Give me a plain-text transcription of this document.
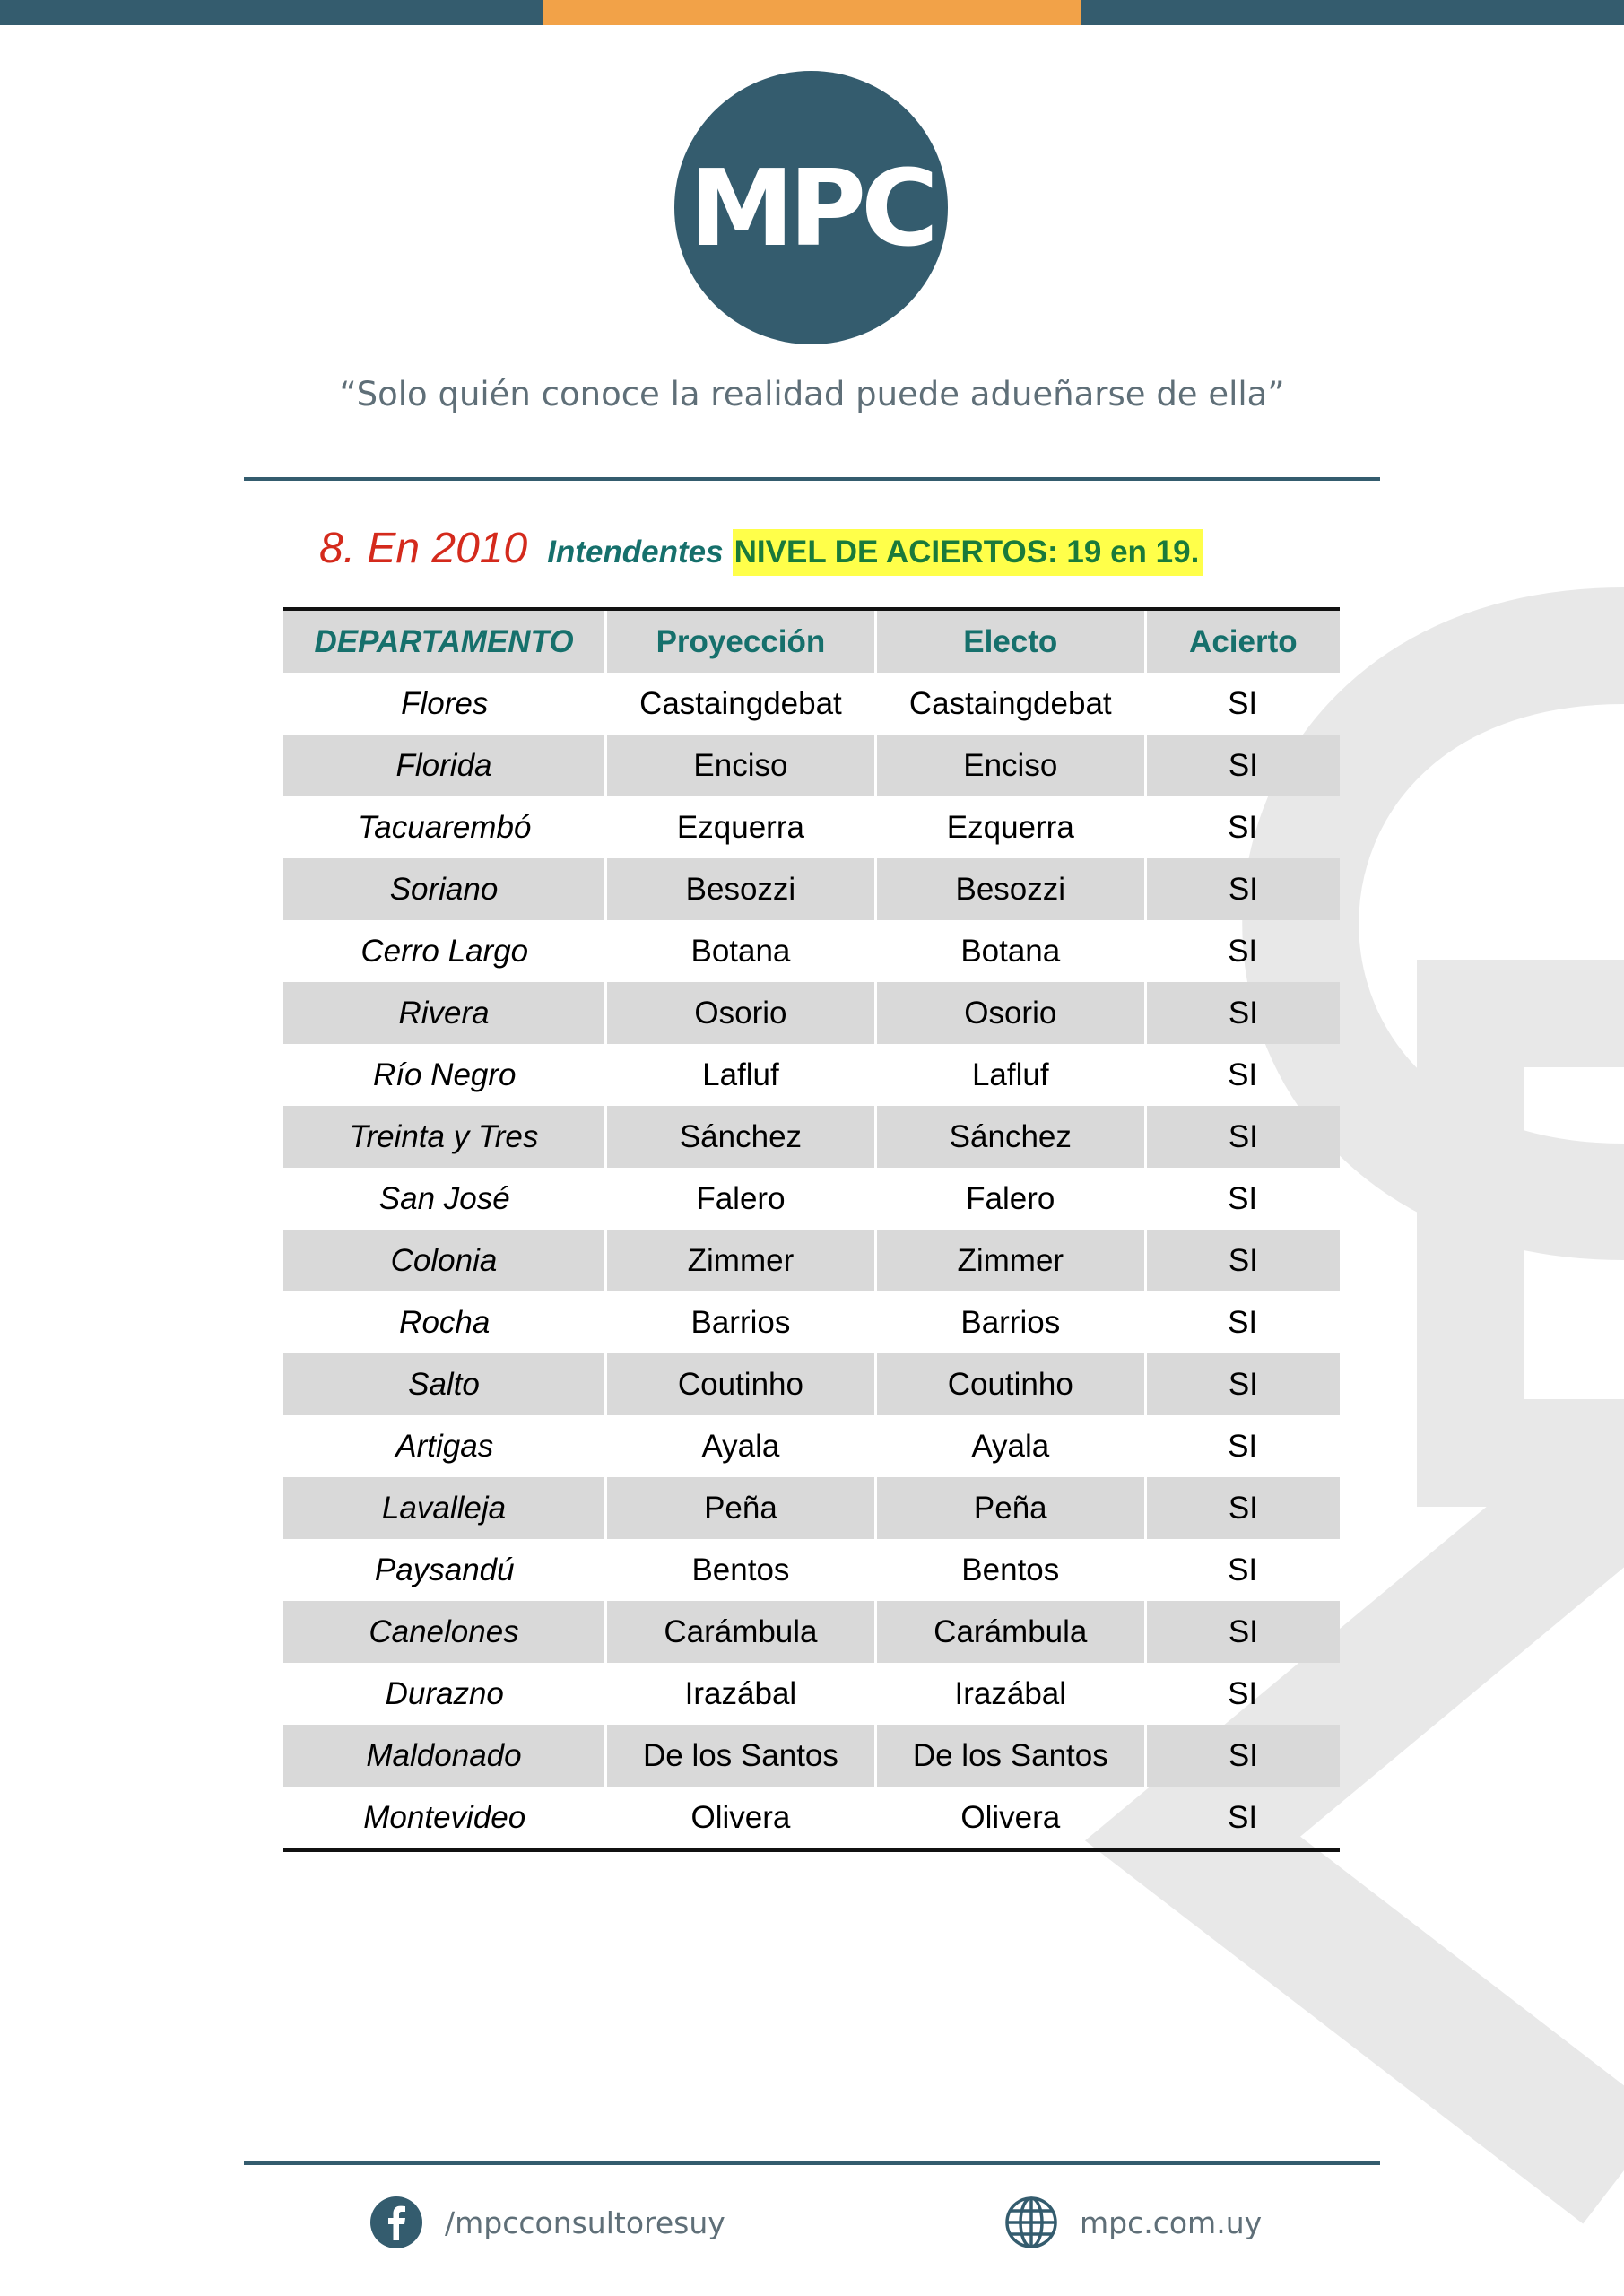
MPC
“Solo quién conoce la realidad puede adueñarse de ella”
8. En 2010 Intendentes NIVEL DE ACIERTOS: 19 en 19.
DEPARTAMENTO	Proyección	Electo	Acierto
Flores	Castaingdebat	Castaingdebat	SI
Florida	Enciso	Enciso	SI
Tacuarembó	Ezquerra	Ezquerra	SI
Soriano	Besozzi	Besozzi	SI
Cerro Largo	Botana	Botana	SI
Rivera	Osorio	Osorio	SI
Río Negro	Lafluf	Lafluf	SI
Treinta y Tres	Sánchez	Sánchez	SI
San José	Falero	Falero	SI
Colonia	Zimmer	Zimmer	SI
Rocha	Barrios	Barrios	SI
Salto	Coutinho	Coutinho	SI
Artigas	Ayala	Ayala	SI
Lavalleja	Peña	Peña	SI
Paysandú	Bentos	Bentos	SI
Canelones	Carámbula	Carámbula	SI
Durazno	Irazábal	Irazábal	SI
Maldonado	De los Santos	De los Santos	SI
Montevideo	Olivera	Olivera	SI
/mpcconsultoresuy	mpc.com.uy
